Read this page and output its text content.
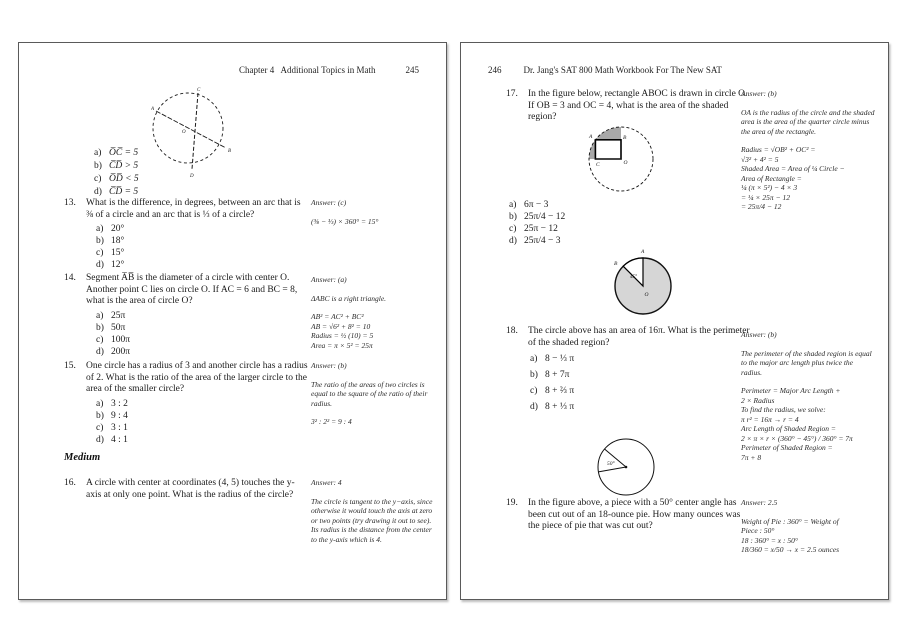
Chapter 4   Additional Topics in Math	245
C
D
A
B
O
a) O̅C̅ = 5
b) C̅D̅ > 5
c) O̅D̅ < 5
d) C̅D̅ = 5
13.	What is the difference, in degrees, between an arc that is ⅜ of a circle and an arc that is ⅓ of a circle?
a) 20°
b) 18°
c) 15°
d) 12°
Answer: (c)
(⅜ − ⅓) × 360° = 15°
14.	Segment A̅B̅ is the diameter of a circle with center O. Another point C lies on circle O. If AC = 6 and BC = 8, what is the area of circle O?
a) 25π
b) 50π
c) 100π
d) 200π
Answer: (a)
ΔABC is a right triangle.
AB² = AC² + BC²
AB = √6² + 8² = 10
Radius = ½ (10) = 5
Area = π × 5² = 25π
15.	One circle has a radius of 3 and another circle has a radius of 2. What is the ratio of the area of the larger circle to the area of the smaller circle?
a) 3 : 2
b) 9 : 4
c) 3 : 1
d) 4 : 1
Answer: (b)
The ratio of the areas of two circles is equal to the square of the ratio of their radius.
3² : 2² = 9 : 4
Medium
16.	A circle with center at coordinates (4, 5) touches the y-axis at only one point. What is the radius of the circle?
Answer: 4
The circle is tangent to the y−axis, since otherwise it would touch the axis at zero or two points (try drawing it out to see). Its radius is the distance from the center to the y-axis which is 4.
246 Dr. Jang's SAT 800 Math Workbook For The New SAT
17.	In the figure below, rectangle ABOC is drawn in circle O. If OB = 3 and OC = 4, what is the area of the shaded region?
A	B
C	O
a) 6π − 3
b) 25π/4 − 12
c) 25π − 12
d) 25π/4 − 3
Answer: (b)
OA is the radius of the circle and the shaded area is the area of the quarter circle minus the area of the rectangle.
Radius = √OB² + OC² =
√3² + 4² = 5
Shaded Area = Area of ¼ Circle −
Area of Rectangle =
¼ (π × 5²) − 4 × 3
= ¼ × 25π − 12
= 25π/4 − 12
A
B
O
45°
18.	The circle above has an area of 16π. What is the perimeter of the shaded region?
a) 8 − ⅓ π
b) 8 + 7π
c) 8 + ⅔ π
d) 8 + ⅓ π
Answer: (b)
The perimeter of the shaded region is equal to the major arc length plus twice the radius.
Perimeter = Major Arc Length +
2 × Radius
To find the radius, we solve:
π r² = 16π → r = 4
Arc Length of Shaded Region =
2 × π × r × (360° − 45°) / 360° = 7π
Perimeter of Shaded Region =
7π + 8
50°
19.	In the figure above, a piece with a 50° center angle has been cut out of an 18-ounce pie. How many ounces was the piece of pie that was cut out?
Answer: 2.5
Weight of Pie : 360° = Weight of
Piece : 50°
18 : 360° = x : 50°
18/360 = x/50 → x = 2.5 ounces
